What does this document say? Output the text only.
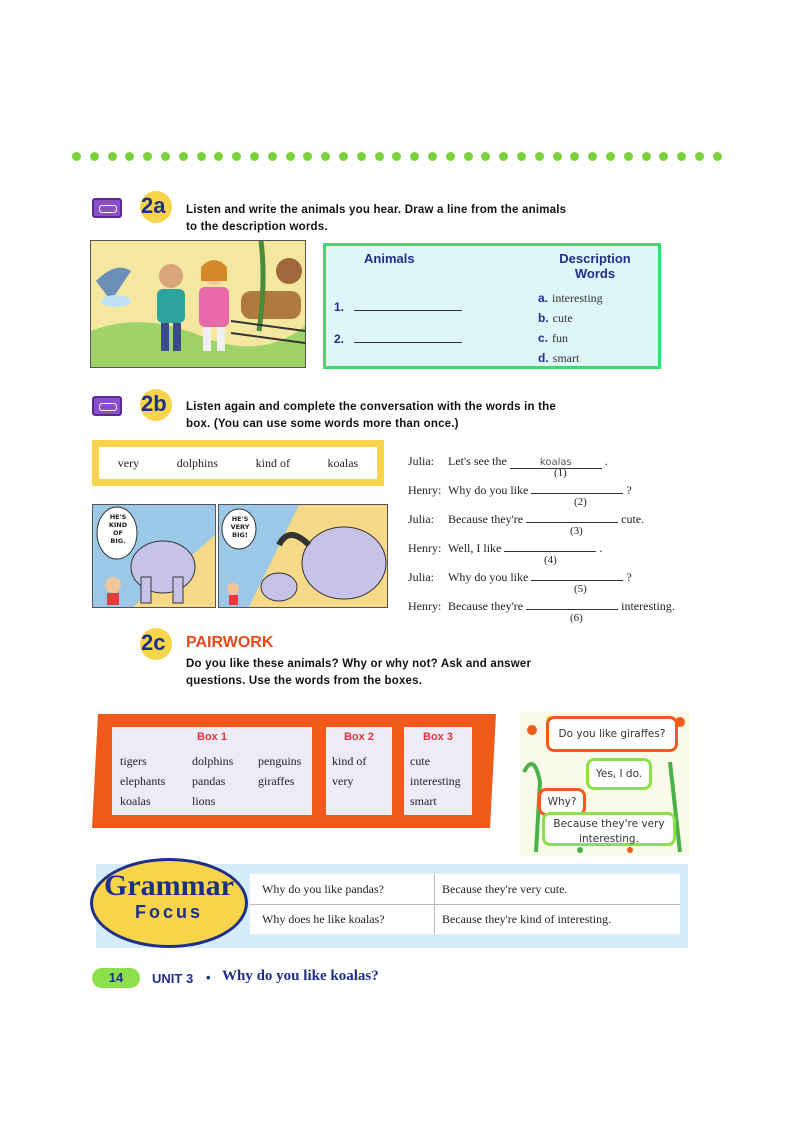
2a Listen and write the animals you hear. Draw a line from the animals
to the description words.
Animals	Description
Words
1.
2.
a. interesting
b. cute
c. fun
d. smart
2b Listen again and complete the conversation with the words in the
box. (You can use some words more than once.)
very	dolphins	kind of	koalas
HE'S
KIND
OF
BIG.
HE'S
VERY
BIG!
Julia: Let's see the	koalas	.
(1)
Henry: Why do you like	?
(2)
Julia: Because they're	cute.
(3)
Henry: Well, I like	.
(4)
Julia: Why do you like	?
(5)
Henry: Because they're	interesting.
(6)
2c PAIRWORK
Do you like these animals? Why or why not? Ask and answer
questions. Use the words from the boxes.
Box 1
tigers
elephants
koalas
dolphins
pandas
lions
penguins
giraffes
Box 2
kind of
very
Box 3
cute
interesting
smart
Do you like giraffes?
Yes, I do.
Why?
Because they're very
interesting.
Grammar
Focus
Why do you like pandas?	Because they're very cute.
Why does he like koalas?	Because they're kind of interesting.
14	UNIT 3 • Why do you like koalas?
